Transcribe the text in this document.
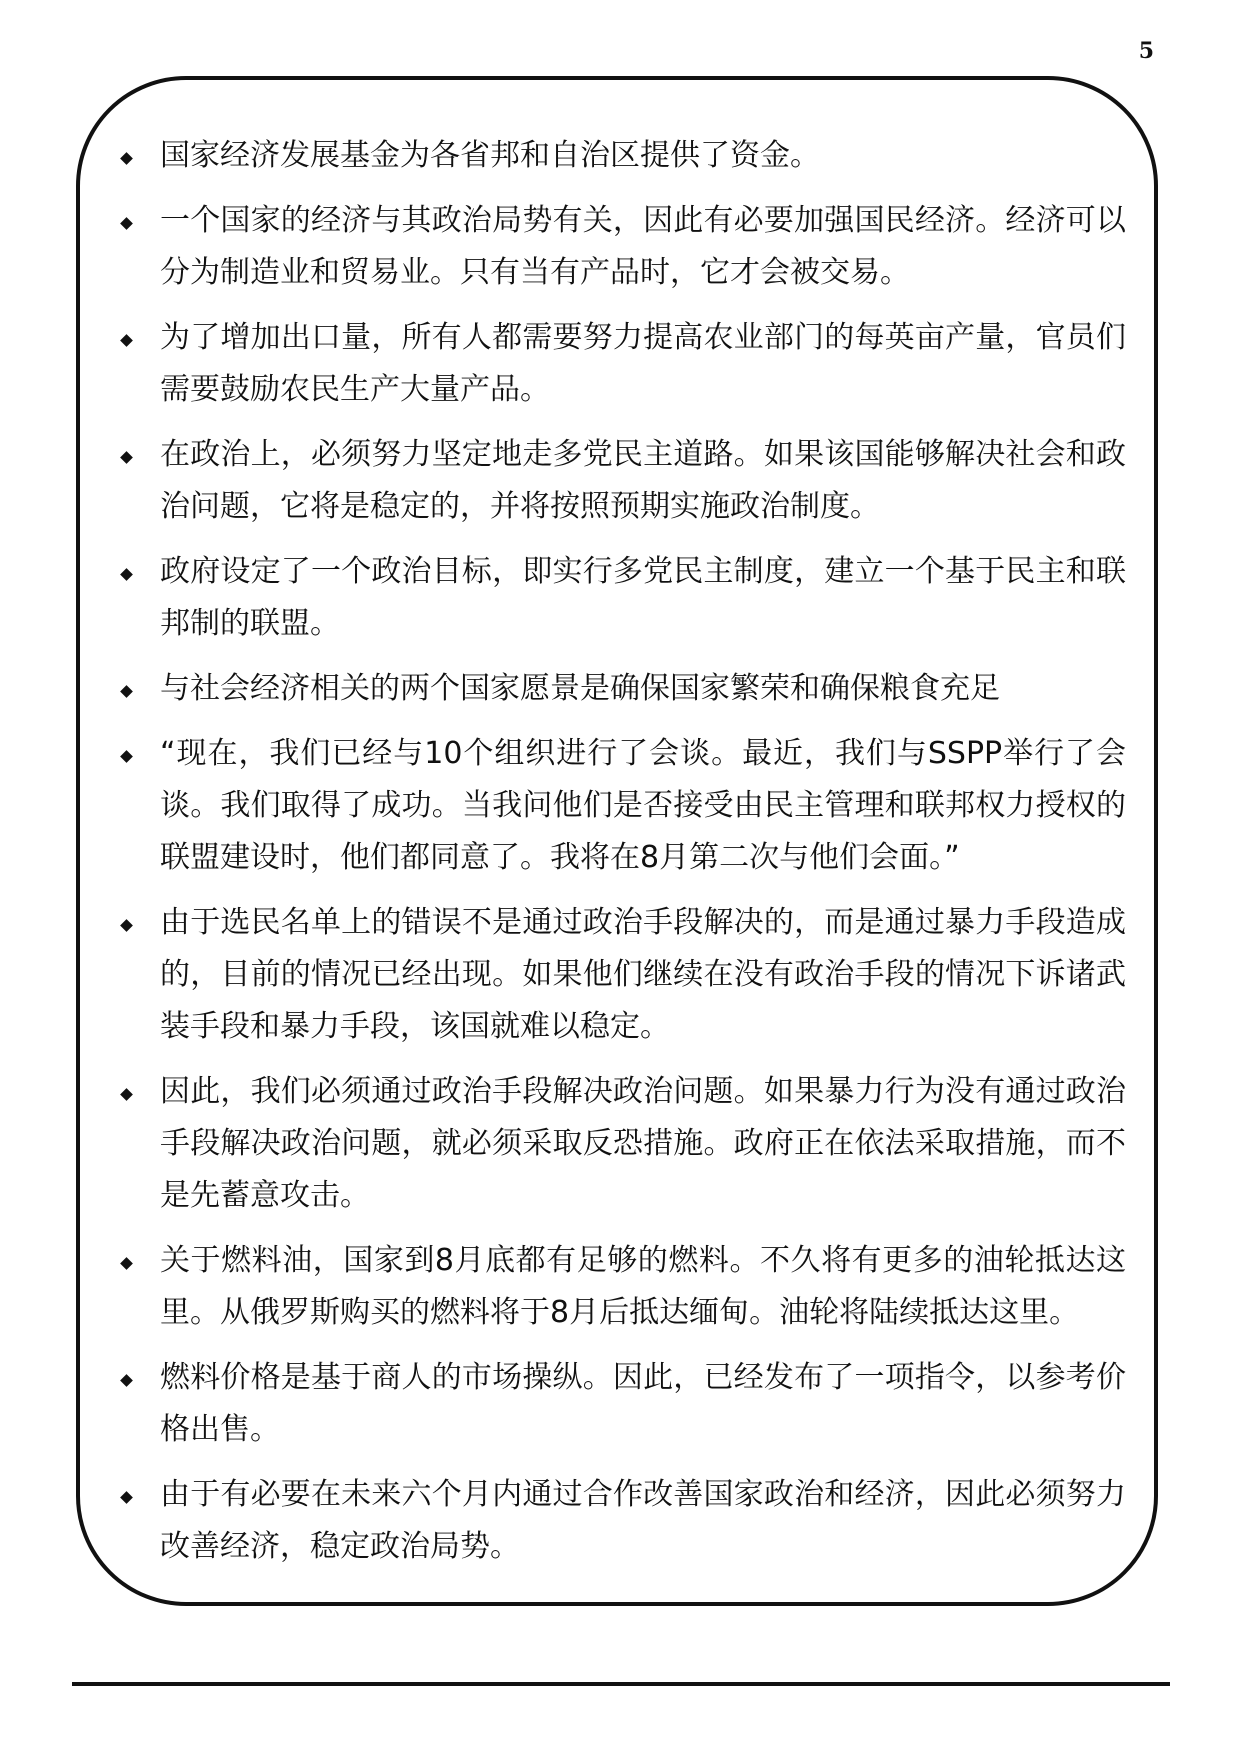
5
国家经济发展基金为各省邦和自治区提供了资金。
一个国家的经济与其政治局势有关，因此有必要加强国民经济。经济可以分为制造业和贸易业。只有当有产品时，它才会被交易。
为了增加出口量，所有人都需要努力提高农业部门的每英亩产量，官员们需要鼓励农民生产大量产品。
在政治上，必须努力坚定地走多党民主道路。如果该国能够解决社会和政治问题，它将是稳定的，并将按照预期实施政治制度。
政府设定了一个政治目标，即实行多党民主制度，建立一个基于民主和联邦制的联盟。
与社会经济相关的两个国家愿景是确保国家繁荣和确保粮食充足
“现在，我们已经与10个组织进行了会谈。最近，我们与SSPP举行了会谈。我们取得了成功。当我问他们是否接受由民主管理和联邦权力授权的联盟建设时，他们都同意了。我将在8月第二次与他们会面。”
由于选民名单上的错误不是通过政治手段解决的，而是通过暴力手段造成的，目前的情况已经出现。如果他们继续在没有政治手段的情况下诉诸武装手段和暴力手段，该国就难以稳定。
因此，我们必须通过政治手段解决政治问题。如果暴力行为没有通过政治手段解决政治问题，就必须采取反恐措施。政府正在依法采取措施，而不是先蓄意攻击。
关于燃料油，国家到8月底都有足够的燃料。不久将有更多的油轮抵达这里。从俄罗斯购买的燃料将于8月后抵达缅甸。油轮将陆续抵达这里。
燃料价格是基于商人的市场操纵。因此，已经发布了一项指令，以参考价格出售。
由于有必要在未来六个月内通过合作改善国家政治和经济，因此必须努力改善经济，稳定政治局势。
